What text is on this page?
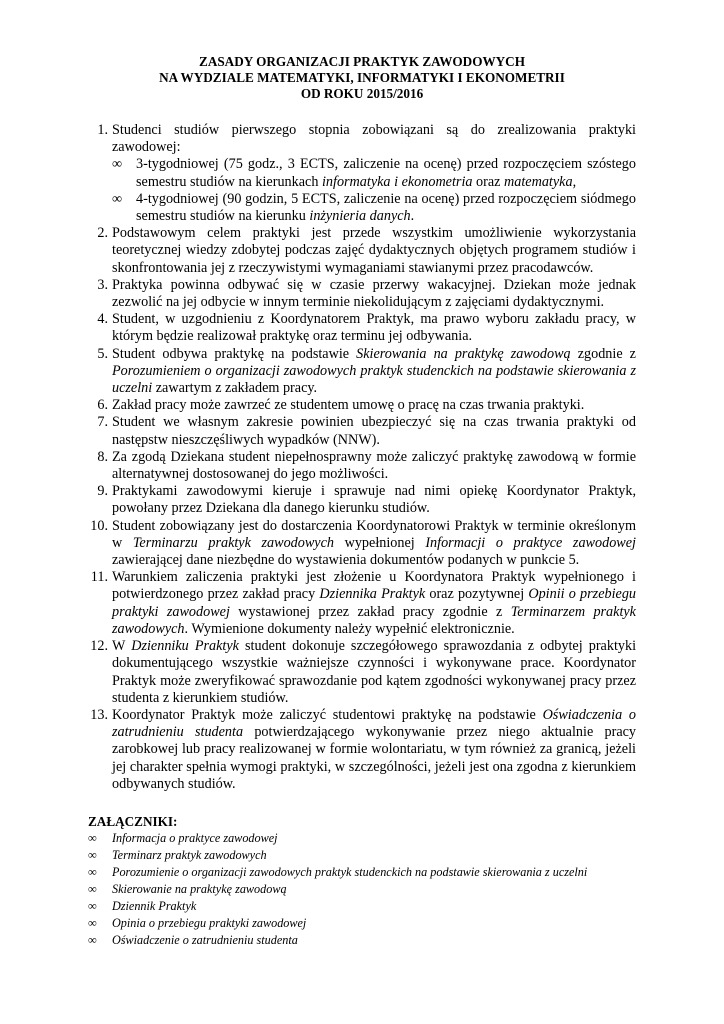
ZASADY ORGANIZACJI PRAKTYK ZAWODOWYCH
NA WYDZIALE MATEMATYKI, INFORMATYKI I EKONOMETRII
OD ROKU 2015/2016
1. Studenci studiów pierwszego stopnia zobowiązani są do zrealizowania praktyki zawodowej:
∞ 3-tygodniowej (75 godz., 3 ECTS, zaliczenie na ocenę) przed rozpoczęciem szóstego semestru studiów na kierunkach informatyka i ekonometria oraz matematyka,
∞ 4-tygodniowej (90 godzin, 5 ECTS, zaliczenie na ocenę) przed rozpoczęciem siódmego semestru studiów na kierunku inżynieria danych.
2. Podstawowym celem praktyki jest przede wszystkim umożliwienie wykorzystania teoretycznej wiedzy zdobytej podczas zajęć dydaktycznych objętych programem studiów i skonfrontowania jej z rzeczywistymi wymaganiami stawianymi przez pracodawców.
3. Praktyka powinna odbywać się w czasie przerwy wakacyjnej. Dziekan może jednak zezwolić na jej odbycie w innym terminie niekolidującym z zajęciami dydaktycznymi.
4. Student, w uzgodnieniu z Koordynatorem Praktyk, ma prawo wyboru zakładu pracy, w którym będzie realizował praktykę oraz terminu jej odbywania.
5. Student odbywa praktykę na podstawie Skierowania na praktykę zawodową zgodnie z Porozumieniem o organizacji zawodowych praktyk studenckich na podstawie skierowania z uczelni zawartym z zakładem pracy.
6. Zakład pracy może zawrzeć ze studentem umowę o pracę na czas trwania praktyki.
7. Student we własnym zakresie powinien ubezpieczyć się na czas trwania praktyki od następstw nieszczęśliwych wypadków (NNW).
8. Za zgodą Dziekana student niepełnosprawny może zaliczyć praktykę zawodową w formie alternatywnej dostosowanej do jego możliwości.
9. Praktykami zawodowymi kieruje i sprawuje nad nimi opiekę Koordynator Praktyk, powołany przez Dziekana dla danego kierunku studiów.
10. Student zobowiązany jest do dostarczenia Koordynatorowi Praktyk w terminie określonym w Terminarzu praktyk zawodowych wypełnionej Informacji o praktyce zawodowej zawierającej dane niezbędne do wystawienia dokumentów podanych w punkcie 5.
11. Warunkiem zaliczenia praktyki jest złożenie u Koordynatora Praktyk wypełnionego i potwierdzonego przez zakład pracy Dziennika Praktyk oraz pozytywnej Opinii o przebiegu praktyki zawodowej wystawionej przez zakład pracy zgodnie z Terminarzem praktyk zawodowych. Wymienione dokumenty należy wypełnić elektronicznie.
12. W Dzienniku Praktyk student dokonuje szczegółowego sprawozdania z odbytej praktyki dokumentującego wszystkie ważniejsze czynności i wykonywane prace. Koordynator Praktyk może zweryfikować sprawozdanie pod kątem zgodności wykonywanej pracy przez studenta z kierunkiem studiów.
13. Koordynator Praktyk może zaliczyć studentowi praktykę na podstawie Oświadczenia o zatrudnieniu studenta potwierdzającego wykonywanie przez niego aktualnie pracy zarobkowej lub pracy realizowanej w formie wolontariatu, w tym również za granicą, jeżeli jej charakter spełnia wymogi praktyki, w szczególności, jeżeli jest ona zgodna z kierunkiem odbywanych studiów.
ZAŁĄCZNIKI:
∞ Informacja o praktyce zawodowej
∞ Terminarz praktyk zawodowych
∞ Porozumienie o organizacji zawodowych praktyk studenckich na podstawie skierowania z uczelni
∞ Skierowanie na praktykę zawodową
∞ Dziennik Praktyk
∞ Opinia o przebiegu praktyki zawodowej
∞ Oświadczenie o zatrudnieniu studenta
